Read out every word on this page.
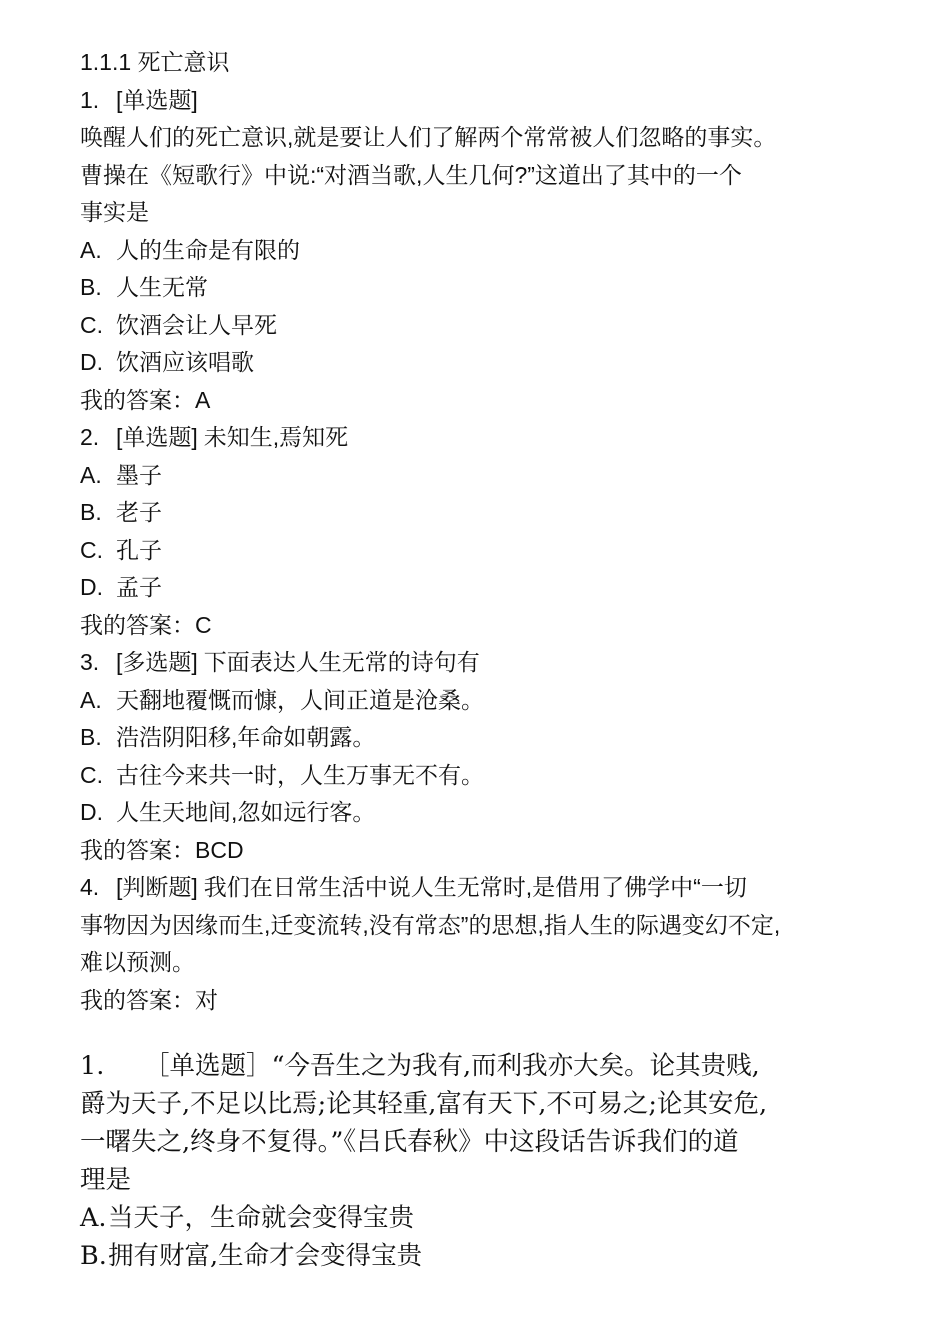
1.1.1 死亡意识

1. [单选题]

唤醒人们的死亡意识,就是要让人们了解两个常常被人们忽略的事实。

曹操在《短歌行》中说:“对酒当歌,人生几何?”这道出了其中的一个

事实是

A. 人的生命是有限的

B. 人生无常

C. 饮酒会让人早死

D. 饮酒应该唱歌

我的答案：A

2. [单选题] 未知生,焉知死

A. 墨子

B. 老子

C. 孔子

D. 孟子

我的答案：C

3. [多选题] 下面表达人生无常的诗句有

A. 天翻地覆慨而慷，人间正道是沧桑。

B. 浩浩阴阳移,年命如朝露。

C. 古往今来共一时，人生万事无不有。

D. 人生天地间,忽如远行客。

我的答案：BCD

4. [判断题] 我们在日常生活中说人生无常时,是借用了佛学中“一切

事物因为因缘而生,迁变流转,没有常态”的思想,指人生的际遇变幻不定,

难以预测。

我的答案：对

1. ［单选题］“今吾生之为我有,而利我亦大矣。论其贵贱,

爵为天子,不足以比焉;论其轻重,富有天下,不可易之;论其安危,

一曙失之,终身不复得。”《吕氏春秋》中这段话告诉我们的道

理是

A.当天子，生命就会变得宝贵

B.拥有财富,生命才会变得宝贵
